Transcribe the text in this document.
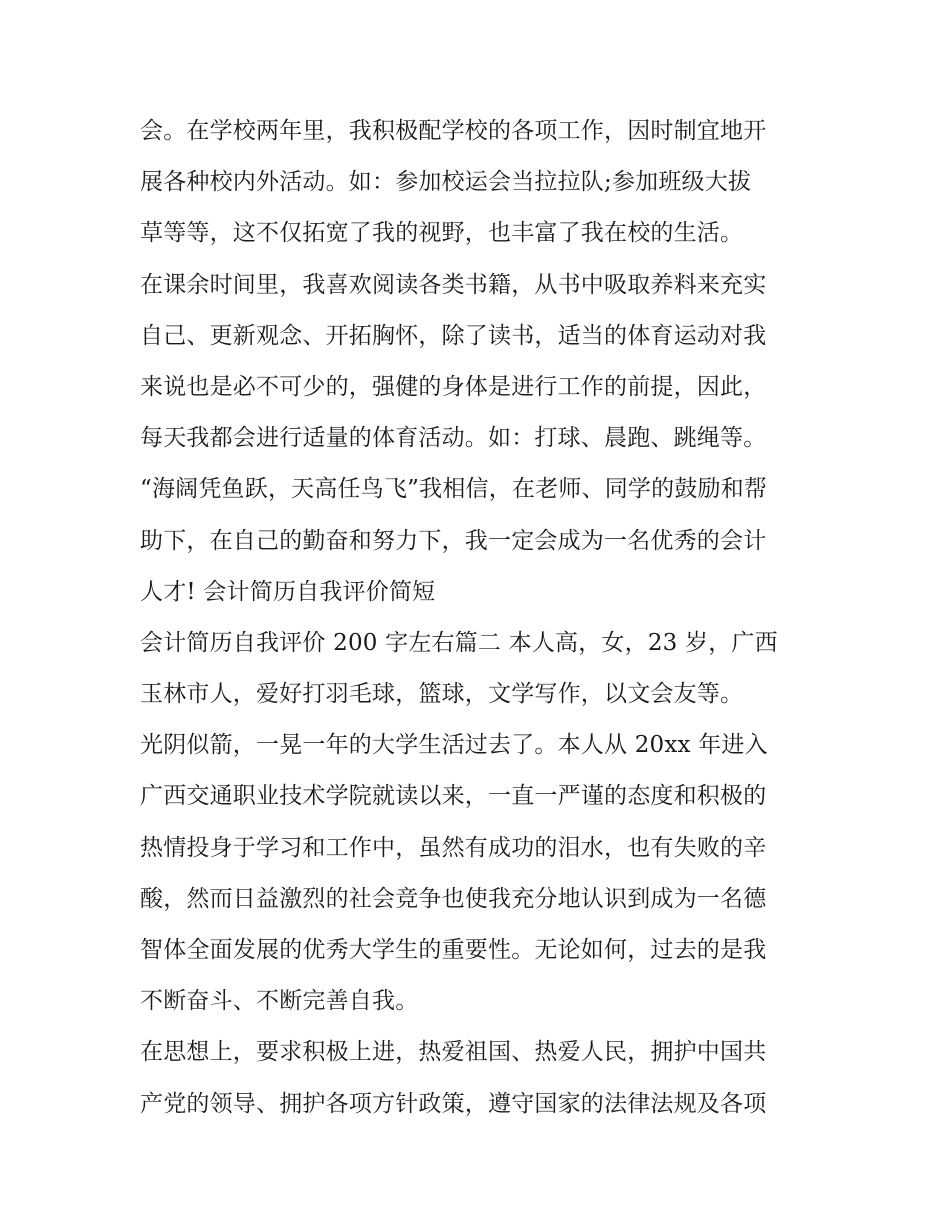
会。在学校两年里，我积极配学校的各项工作，因时制宜地开
展各种校内外活动。如：参加校运会当拉拉队;参加班级大拔
草等等，这不仅拓宽了我的视野，也丰富了我在校的生活。
在课余时间里，我喜欢阅读各类书籍，从书中吸取养料来充实
自己、更新观念、开拓胸怀，除了读书，适当的体育运动对我
来说也是必不可少的，强健的身体是进行工作的前提，因此，
每天我都会进行适量的体育活动。如：打球、晨跑、跳绳等。
“海阔凭鱼跃，天高任鸟飞”我相信，在老师、同学的鼓励和帮
助下，在自己的勤奋和努力下，我一定会成为一名优秀的会计
人才! 会计简历自我评价简短
会计简历自我评价 200 字左右篇二 本人高，女，23 岁，广西
玉林市人，爱好打羽毛球，篮球，文学写作，以文会友等。
光阴似箭，一晃一年的大学生活过去了。本人从 20xx 年进入
广西交通职业技术学院就读以来，一直一严谨的态度和积极的
热情投身于学习和工作中，虽然有成功的泪水，也有失败的辛
酸，然而日益激烈的社会竞争也使我充分地认识到成为一名德
智体全面发展的优秀大学生的重要性。无论如何，过去的是我
不断奋斗、不断完善自我。
在思想上，要求积极上进，热爱祖国、热爱人民，拥护中国共
产党的领导、拥护各项方针政策，遵守国家的法律法规及各项
